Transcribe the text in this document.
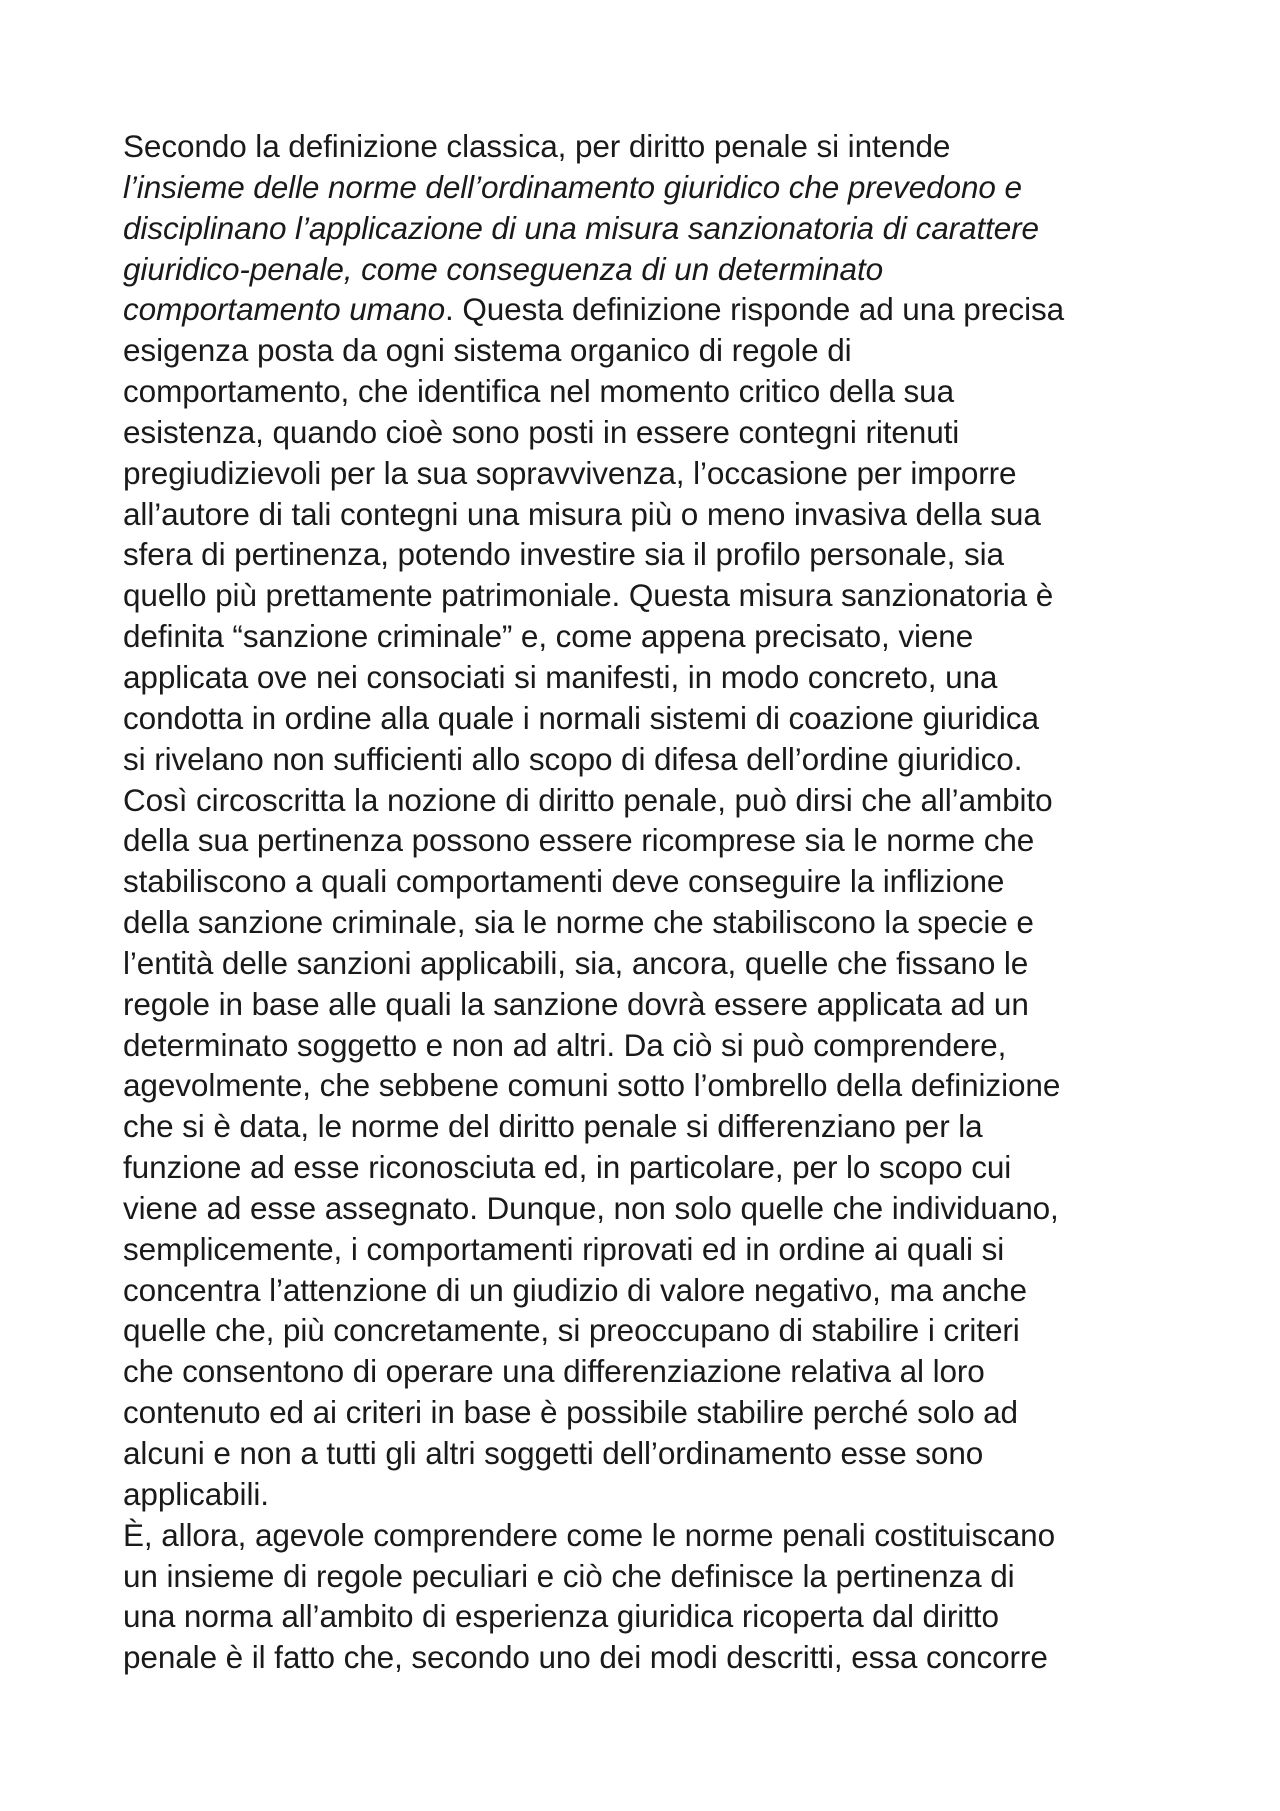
Secondo la definizione classica, per diritto penale si intende
l’insieme delle norme dell’ordinamento giuridico che prevedono e
disciplinano l’applicazione di una misura sanzionatoria di carattere
giuridico-penale, come conseguenza di un determinato
comportamento umano. Questa definizione risponde ad una precisa
esigenza posta da ogni sistema organico di regole di
comportamento, che identifica nel momento critico della sua
esistenza, quando cioè sono posti in essere contegni ritenuti
pregiudizievoli per la sua sopravvivenza, l’occasione per imporre
all’autore di tali contegni una misura più o meno invasiva della sua
sfera di pertinenza, potendo investire sia il profilo personale, sia
quello più prettamente patrimoniale. Questa misura sanzionatoria è
definita “sanzione criminale” e, come appena precisato, viene
applicata ove nei consociati si manifesti, in modo concreto, una
condotta in ordine alla quale i normali sistemi di coazione giuridica
si rivelano non sufficienti allo scopo di difesa dell’ordine giuridico.
Così circoscritta la nozione di diritto penale, può dirsi che all’ambito
della sua pertinenza possono essere ricomprese sia le norme che
stabiliscono a quali comportamenti deve conseguire la inflizione
della sanzione criminale, sia le norme che stabiliscono la specie e
l’entità delle sanzioni applicabili, sia, ancora, quelle che fissano le
regole in base alle quali la sanzione dovrà essere applicata ad un
determinato soggetto e non ad altri. Da ciò si può comprendere,
agevolmente, che sebbene comuni sotto l’ombrello della definizione
che si è data, le norme del diritto penale si differenziano per la
funzione ad esse riconosciuta ed, in particolare, per lo scopo cui
viene ad esse assegnato. Dunque, non solo quelle che individuano,
semplicemente, i comportamenti riprovati ed in ordine ai quali si
concentra l’attenzione di un giudizio di valore negativo, ma anche
quelle che, più concretamente, si preoccupano di stabilire i criteri
che consentono di operare una differenziazione relativa al loro
contenuto ed ai criteri in base è possibile stabilire perché solo ad
alcuni e non a tutti gli altri soggetti dell’ordinamento esse sono
applicabili.
È, allora, agevole comprendere come le norme penali costituiscano
un insieme di regole peculiari e ciò che definisce la pertinenza di
una norma all’ambito di esperienza giuridica ricoperta dal diritto
penale è il fatto che, secondo uno dei modi descritti, essa concorre
